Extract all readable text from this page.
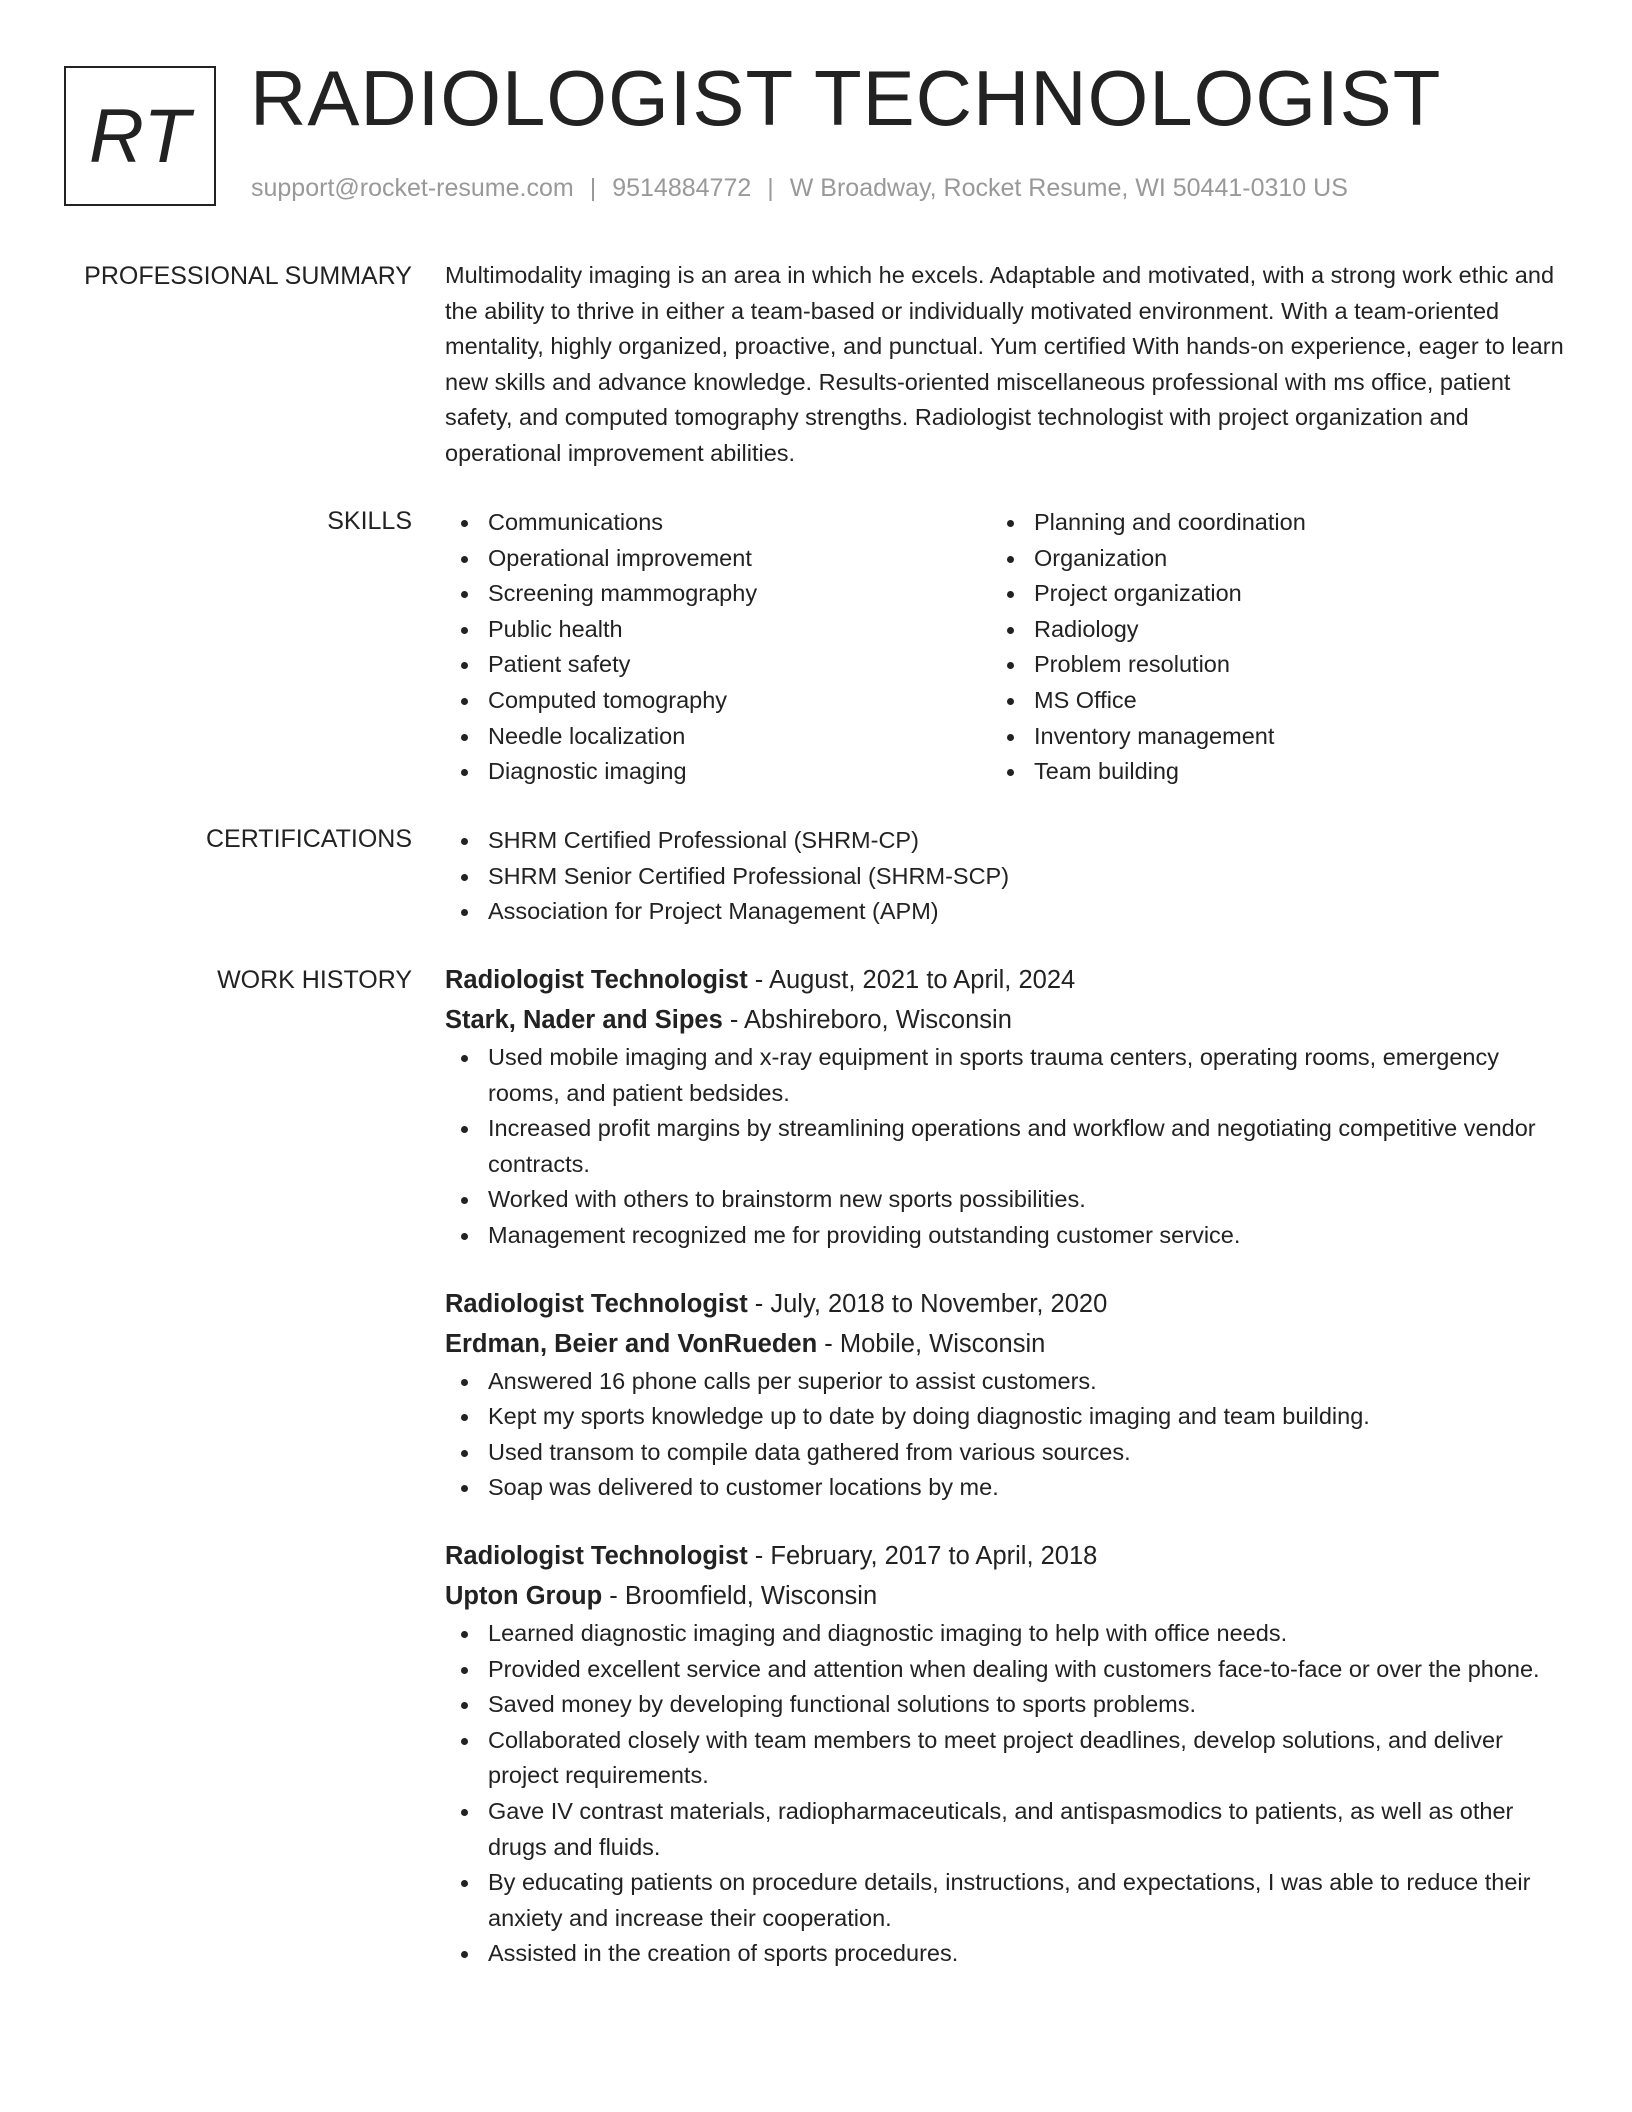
RT RADIOLOGIST TECHNOLOGIST
support@rocket-resume.com | 9514884772 | W Broadway, Rocket Resume, WI 50441-0310 US
PROFESSIONAL SUMMARY Multimodality imaging is an area in which he excels. Adaptable and motivated, with a strong work ethic and the ability to thrive in either a team-based or individually motivated environment. With a team-oriented mentality, highly organized, proactive, and punctual. Yum certified With hands-on experience, eager to learn new skills and advance knowledge. Results-oriented miscellaneous professional with ms office, patient safety, and computed tomography strengths. Radiologist technologist with project organization and operational improvement abilities.
SKILLS	Communications
Operational improvement
Screening mammography
Public health
Patient safety
Computed tomography
Needle localization
Diagnostic imaging
Planning and coordination
Organization
Project organization
Radiology
Problem resolution
MS Office
Inventory management
Team building
CERTIFICATIONS	SHRM Certified Professional (SHRM-CP)
SHRM Senior Certified Professional (SHRM-SCP)
Association for Project Management (APM)
WORK HISTORY Radiologist Technologist - August, 2021 to April, 2024
Stark, Nader and Sipes - Abshireboro, Wisconsin
Used mobile imaging and x-ray equipment in sports trauma centers, operating rooms, emergency rooms, and patient bedsides.
Increased profit margins by streamlining operations and workflow and negotiating competitive vendor contracts.
Worked with others to brainstorm new sports possibilities.
Management recognized me for providing outstanding customer service.
Radiologist Technologist - July, 2018 to November, 2020
Erdman, Beier and VonRueden - Mobile, Wisconsin
Answered 16 phone calls per superior to assist customers.
Kept my sports knowledge up to date by doing diagnostic imaging and team building.
Used transom to compile data gathered from various sources.
Soap was delivered to customer locations by me.
Radiologist Technologist - February, 2017 to April, 2018
Upton Group - Broomfield, Wisconsin
Learned diagnostic imaging and diagnostic imaging to help with office needs.
Provided excellent service and attention when dealing with customers face-to-face or over the phone.
Saved money by developing functional solutions to sports problems.
Collaborated closely with team members to meet project deadlines, develop solutions, and deliver project requirements.
Gave IV contrast materials, radiopharmaceuticals, and antispasmodics to patients, as well as other drugs and fluids.
By educating patients on procedure details, instructions, and expectations, I was able to reduce their anxiety and increase their cooperation.
Assisted in the creation of sports procedures.
